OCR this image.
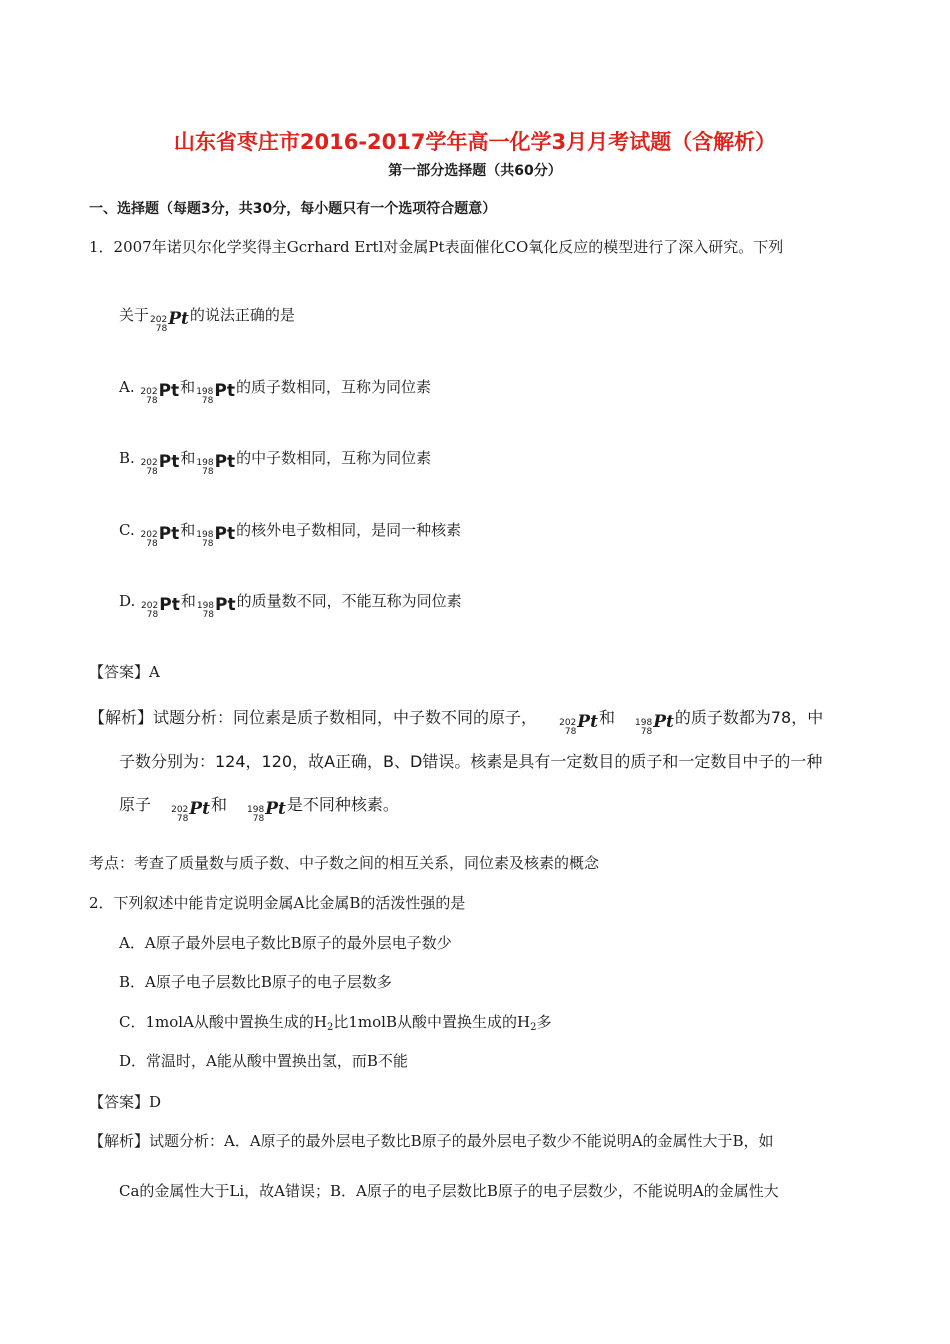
山东省枣庄市2016-2017学年高一化学3月月考试题（含解析）
第一部分选择题（共60分）
一、选择题（每题3分，共30分，每小题只有一个选项符合题意）
1．2007年诺贝尔化学奖得主Gcrhard Ertl对金属Pt表面催化CO氧化反应的模型进行了深入研究。下列
关于 202
78 Pt的说法正确的是
A. 202
78 Pt和 198
78 Pt的质子数相同，互称为同位素
B. 202
78 Pt和 198
78 Pt的中子数相同，互称为同位素
C. 202
78 Pt和 198
78 Pt的核外电子数相同，是同一种核素
D. 202
78 Pt和 198
78 Pt的质量数不同，不能互称为同位素
【答案】A
【解析】试题分析：同位素是质子数相同，中子数不同的原子， 202
78 Pt和 198
78 Pt的质子数都为78，中
子数分别为：124，120，故A正确，B、D错误。核素是具有一定数目的质子和一定数目中子的一种
原子 202
78 Pt和 198
78 Pt是不同种核素。
考点：考查了质量数与质子数、中子数之间的相互关系，同位素及核素的概念
2．下列叙述中能肯定说明金属A比金属B的活泼性强的是
A．A原子最外层电子数比B原子的最外层电子数少
B．A原子电子层数比B原子的电子层数多
C．1molA从酸中置换生成的$H_2$比1molB从酸中置换生成的$H_2$多
D．常温时，A能从酸中置换出氢，而B不能
【答案】D
【解析】试题分析：A．A原子的最外层电子数比B原子的最外层电子数少不能说明A的金属性大于B，如
Ca的金属性大于Li，故A错误；B．A原子的电子层数比B原子的电子层数少，不能说明A的金属性大
